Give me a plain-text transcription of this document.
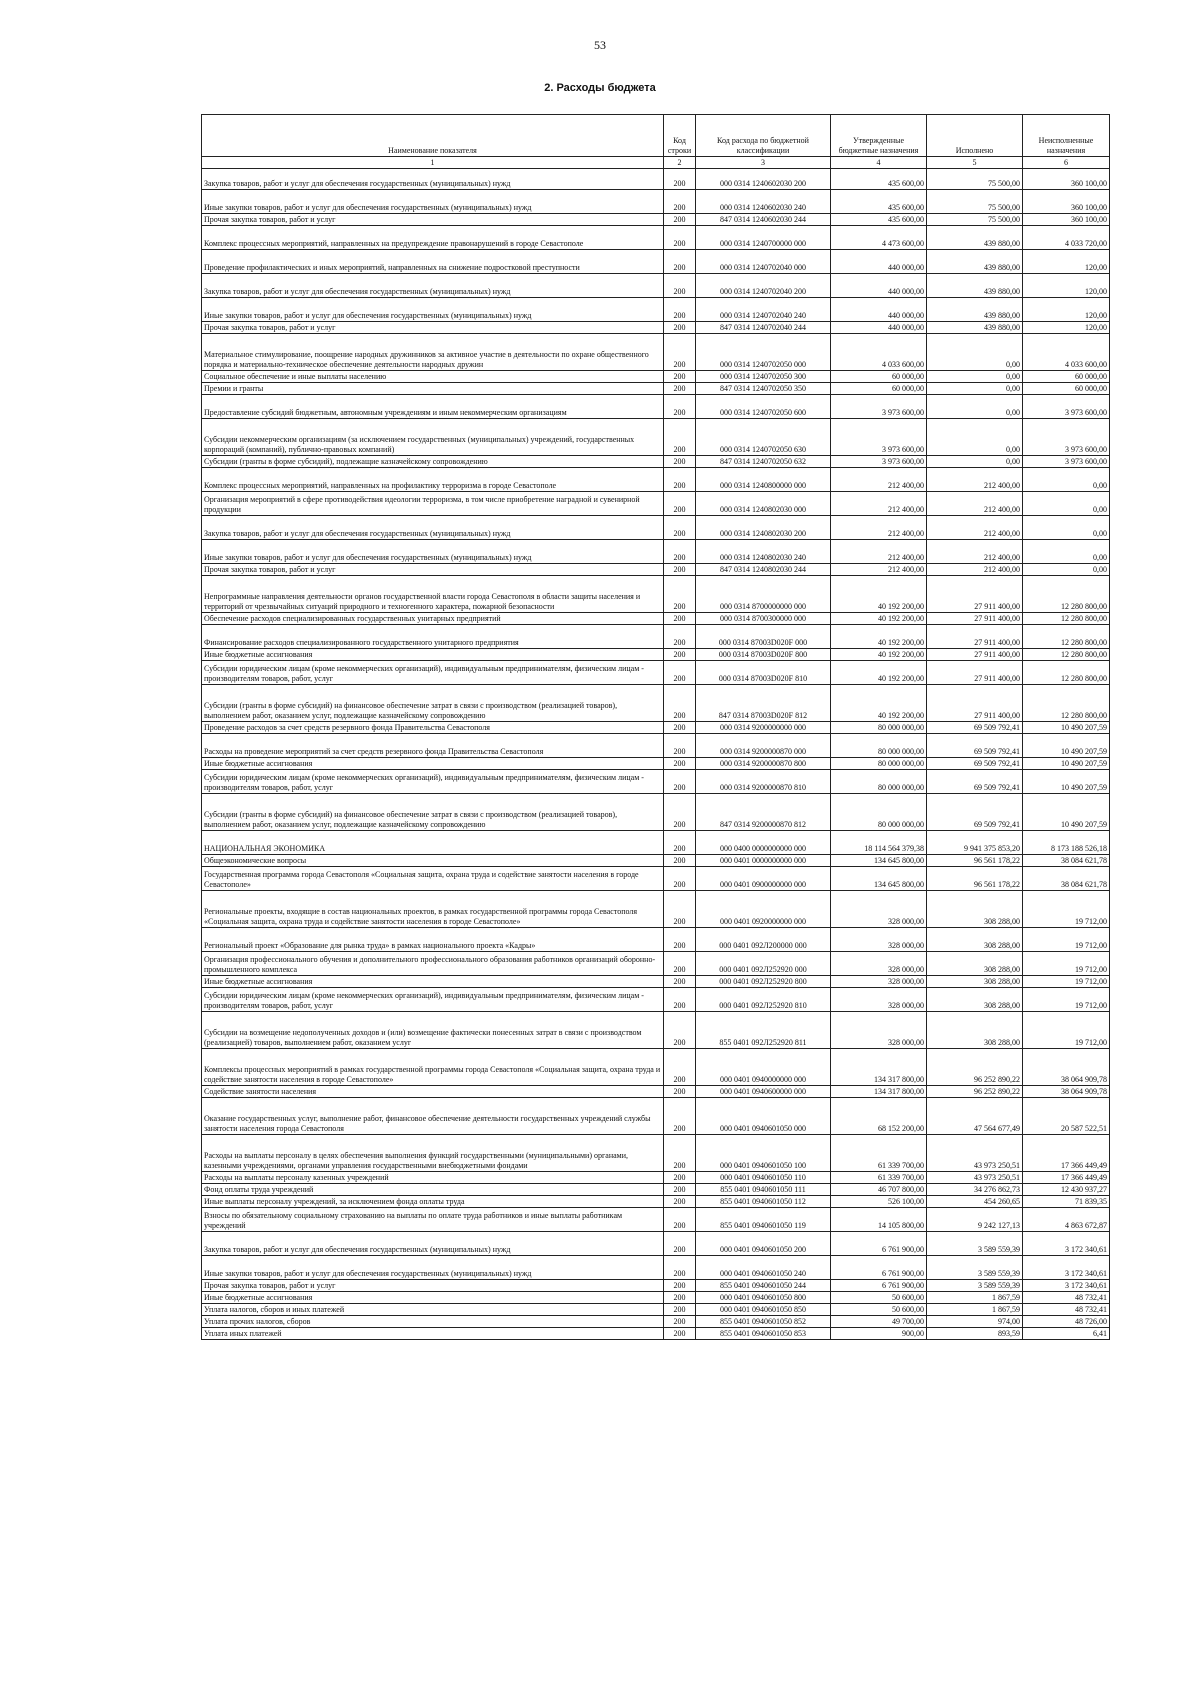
53
2. Расходы бюджета
Наименование показателя	Код строки	Код расхода по бюджетной классификации	Утвержденные бюджетные назначения	Исполнено	Неисполненные назначения
1	2	3	4	5	6
Закупка товаров, работ и услуг для обеспечения государственных (муниципальных) нужд	200	000 0314 1240602030 200	435 600,00	75 500,00	360 100,00
Иные закупки товаров, работ и услуг для обеспечения государственных (муниципальных) нужд	200	000 0314 1240602030 240	435 600,00	75 500,00	360 100,00
Прочая закупка товаров, работ и услуг	200	847 0314 1240602030 244	435 600,00	75 500,00	360 100,00
Комплекс процессных мероприятий, направленных на предупреждение правонарушений в городе Севастополе	200	000 0314 1240700000 000	4 473 600,00	439 880,00	4 033 720,00
Проведение профилактических и иных мероприятий, направленных на снижение подростковой преступности	200	000 0314 1240702040 000	440 000,00	439 880,00	120,00
Закупка товаров, работ и услуг для обеспечения государственных (муниципальных) нужд	200	000 0314 1240702040 200	440 000,00	439 880,00	120,00
Иные закупки товаров, работ и услуг для обеспечения государственных (муниципальных) нужд	200	000 0314 1240702040 240	440 000,00	439 880,00	120,00
Прочая закупка товаров, работ и услуг	200	847 0314 1240702040 244	440 000,00	439 880,00	120,00
Материальное стимулирование, поощрение народных дружинников за активное участие в деятельности по охране общественного порядка и материально-техническое обеспечение деятельности народных дружин	200	000 0314 1240702050 000	4 033 600,00	0,00	4 033 600,00
Социальное обеспечение и иные выплаты населению	200	000 0314 1240702050 300	60 000,00	0,00	60 000,00
Премии и гранты	200	847 0314 1240702050 350	60 000,00	0,00	60 000,00
Предоставление субсидий бюджетным, автономным учреждениям и иным некоммерческим организациям	200	000 0314 1240702050 600	3 973 600,00	0,00	3 973 600,00
Субсидии некоммерческим организациям (за исключением государственных (муниципальных) учреждений, государственных корпораций (компаний), публично-правовых компаний)	200	000 0314 1240702050 630	3 973 600,00	0,00	3 973 600,00
Субсидии (гранты в форме субсидий), подлежащие казначейскому сопровождению	200	847 0314 1240702050 632	3 973 600,00	0,00	3 973 600,00
Комплекс процессных мероприятий, направленных на профилактику терроризма в городе Севастополе	200	000 0314 1240800000 000	212 400,00	212 400,00	0,00
Организация мероприятий в сфере противодействия идеологии терроризма, в том числе приобретение наградной и сувенирной продукции	200	000 0314 1240802030 000	212 400,00	212 400,00	0,00
Закупка товаров, работ и услуг для обеспечения государственных (муниципальных) нужд	200	000 0314 1240802030 200	212 400,00	212 400,00	0,00
Иные закупки товаров, работ и услуг для обеспечения государственных (муниципальных) нужд	200	000 0314 1240802030 240	212 400,00	212 400,00	0,00
Прочая закупка товаров, работ и услуг	200	847 0314 1240802030 244	212 400,00	212 400,00	0,00
Непрограммные направления деятельности органов государственной власти города Севастополя в области защиты населения и территорий от чрезвычайных ситуаций природного и техногенного характера, пожарной безопасности	200	000 0314 8700000000 000	40 192 200,00	27 911 400,00	12 280 800,00
Обеспечение расходов специализированных государственных унитарных предприятий	200	000 0314 8700300000 000	40 192 200,00	27 911 400,00	12 280 800,00
Финансирование расходов специализированного государственного унитарного предприятия	200	000 0314 87003D020F 000	40 192 200,00	27 911 400,00	12 280 800,00
Иные бюджетные ассигнования	200	000 0314 87003D020F 800	40 192 200,00	27 911 400,00	12 280 800,00
Субсидии юридическим лицам (кроме некоммерческих организаций), индивидуальным предпринимателям, физическим лицам - производителям товаров, работ, услуг	200	000 0314 87003D020F 810	40 192 200,00	27 911 400,00	12 280 800,00
Субсидии (гранты в форме субсидий) на финансовое обеспечение затрат в связи с производством (реализацией товаров), выполнением работ, оказанием услуг, подлежащие казначейскому сопровождению	200	847 0314 87003D020F 812	40 192 200,00	27 911 400,00	12 280 800,00
Проведение расходов за счет средств резервного фонда Правительства Севастополя	200	000 0314 9200000000 000	80 000 000,00	69 509 792,41	10 490 207,59
Расходы на проведение мероприятий за счет средств резервного фонда Правительства Севастополя	200	000 0314 9200000870 000	80 000 000,00	69 509 792,41	10 490 207,59
Иные бюджетные ассигнования	200	000 0314 9200000870 800	80 000 000,00	69 509 792,41	10 490 207,59
Субсидии юридическим лицам (кроме некоммерческих организаций), индивидуальным предпринимателям, физическим лицам - производителям товаров, работ, услуг	200	000 0314 9200000870 810	80 000 000,00	69 509 792,41	10 490 207,59
Субсидии (гранты в форме субсидий) на финансовое обеспечение затрат в связи с производством (реализацией товаров), выполнением работ, оказанием услуг, подлежащие казначейскому сопровождению	200	847 0314 9200000870 812	80 000 000,00	69 509 792,41	10 490 207,59
НАЦИОНАЛЬНАЯ ЭКОНОМИКА	200	000 0400 0000000000 000	18 114 564 379,38	9 941 375 853,20	8 173 188 526,18
Общеэкономические вопросы	200	000 0401 0000000000 000	134 645 800,00	96 561 178,22	38 084 621,78
Государственная программа города Севастополя «Социальная защита, охрана труда и содействие занятости населения в городе Севастополе»	200	000 0401 0900000000 000	134 645 800,00	96 561 178,22	38 084 621,78
Региональные проекты, входящие в состав национальных проектов, в рамках государственной программы города Севастополя «Социальная защита, охрана труда и содействие занятости населения в городе Севастополе»	200	000 0401 0920000000 000	328 000,00	308 288,00	19 712,00
Региональный проект «Образование для рынка труда» в рамках национального проекта «Кадры»	200	000 0401 092Л200000 000	328 000,00	308 288,00	19 712,00
Организация профессионального обучения и дополнительного профессионального образования работников организаций оборонно-промышленного комплекса	200	000 0401 092Л252920 000	328 000,00	308 288,00	19 712,00
Иные бюджетные ассигнования	200	000 0401 092Л252920 800	328 000,00	308 288,00	19 712,00
Субсидии юридическим лицам (кроме некоммерческих организаций), индивидуальным предпринимателям, физическим лицам - производителям товаров, работ, услуг	200	000 0401 092Л252920 810	328 000,00	308 288,00	19 712,00
Субсидии на возмещение недополученных доходов и (или) возмещение фактически понесенных затрат в связи с производством (реализацией) товаров, выполнением работ, оказанием услуг	200	855 0401 092Л252920 811	328 000,00	308 288,00	19 712,00
Комплексы процессных мероприятий в рамках государственной программы города Севастополя «Социальная защита, охрана труда и содействие занятости населения в городе Севастополе»	200	000 0401 0940000000 000	134 317 800,00	96 252 890,22	38 064 909,78
Содействие занятости населения	200	000 0401 0940600000 000	134 317 800,00	96 252 890,22	38 064 909,78
Оказание государственных услуг, выполнение работ, финансовое обеспечение деятельности государственных учреждений службы занятости населения города Севастополя	200	000 0401 0940601050 000	68 152 200,00	47 564 677,49	20 587 522,51
Расходы на выплаты персоналу в целях обеспечения выполнения функций государственными (муниципальными) органами, казенными учреждениями, органами управления государственными внебюджетными фондами	200	000 0401 0940601050 100	61 339 700,00	43 973 250,51	17 366 449,49
Расходы на выплаты персоналу казенных учреждений	200	000 0401 0940601050 110	61 339 700,00	43 973 250,51	17 366 449,49
Фонд оплаты труда учреждений	200	855 0401 0940601050 111	46 707 800,00	34 276 862,73	12 430 937,27
Иные выплаты персоналу учреждений, за исключением фонда оплаты труда	200	855 0401 0940601050 112	526 100,00	454 260,65	71 839,35
Взносы по обязательному социальному страхованию на выплаты по оплате труда работников и иные выплаты работникам учреждений	200	855 0401 0940601050 119	14 105 800,00	9 242 127,13	4 863 672,87
Закупка товаров, работ и услуг для обеспечения государственных (муниципальных) нужд	200	000 0401 0940601050 200	6 761 900,00	3 589 559,39	3 172 340,61
Иные закупки товаров, работ и услуг для обеспечения государственных (муниципальных) нужд	200	000 0401 0940601050 240	6 761 900,00	3 589 559,39	3 172 340,61
Прочая закупка товаров, работ и услуг	200	855 0401 0940601050 244	6 761 900,00	3 589 559,39	3 172 340,61
Иные бюджетные ассигнования	200	000 0401 0940601050 800	50 600,00	1 867,59	48 732,41
Уплата налогов, сборов и иных платежей	200	000 0401 0940601050 850	50 600,00	1 867,59	48 732,41
Уплата прочих налогов, сборов	200	855 0401 0940601050 852	49 700,00	974,00	48 726,00
Уплата иных платежей	200	855 0401 0940601050 853	900,00	893,59	6,41
